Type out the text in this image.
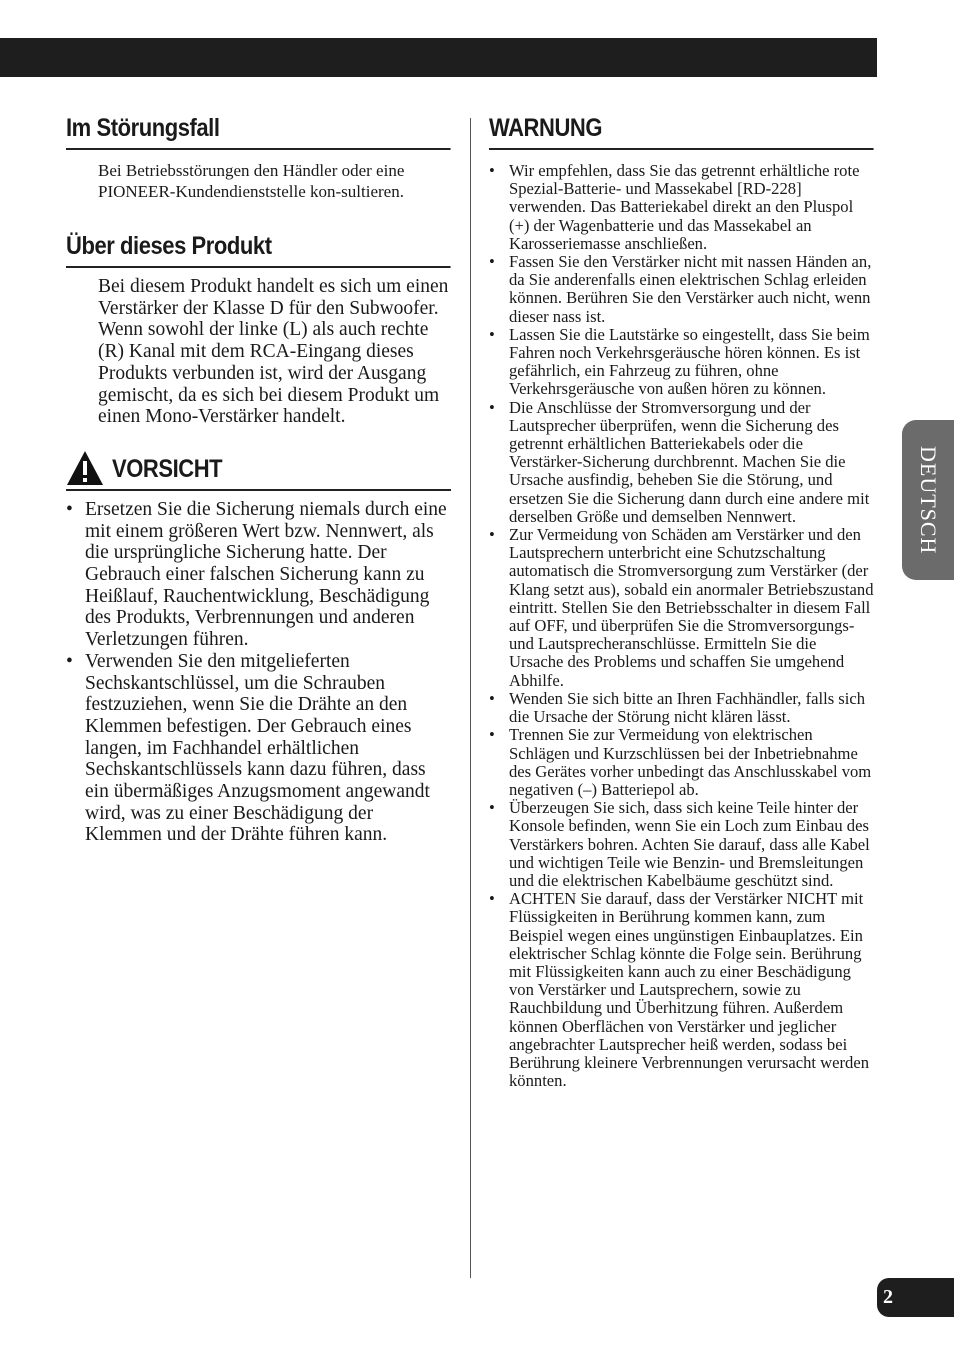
Im Störungsfall

Bei Betriebsstörungen den Händler oder eine PIONEER-Kundendienststelle kon-sultieren.

Über dieses Produkt

Bei diesem Produkt handelt es sich um einen Verstärker der Klasse D für den Subwoofer. Wenn sowohl der linke (L) als auch rechte (R) Kanal mit dem RCA-Eingang dieses Produkts verbunden ist, wird der Ausgang gemischt, da es sich bei diesem Produkt um einen Mono-Verstärker handelt.

VORSICHT
• Ersetzen Sie die Sicherung niemals durch eine mit einem größeren Wert bzw. Nennwert, als die ursprüngliche Sicherung hatte. Der Gebrauch einer falschen Sicherung kann zu Heißlauf, Rauchentwicklung, Beschädigung des Produkts, Verbrennungen und anderen Verletzungen führen.
• Verwenden Sie den mitgelieferten Sechskantschlüssel, um die Schrauben festzuziehen, wenn Sie die Drähte an den Klemmen befestigen. Der Gebrauch eines langen, im Fachhandel erhältlichen Sechskantschlüssels kann dazu führen, dass ein übermäßiges Anzugsmoment angewandt wird, was zu einer Beschädigung der Klemmen und der Drähte führen kann.
WARNUNG
• Wir empfehlen, dass Sie das getrennt erhältliche rote Spezial-Batterie- und Massekabel [RD-228] verwenden. Das Batteriekabel direkt an den Pluspol (+) der Wagenbatterie und das Massekabel an Karosseriemasse anschließen.
• Fassen Sie den Verstärker nicht mit nassen Händen an, da Sie anderenfalls einen elektrischen Schlag erleiden können. Berühren Sie den Verstärker auch nicht, wenn dieser nass ist.
• Lassen Sie die Lautstärke so eingestellt, dass Sie beim Fahren noch Verkehrsgeräusche hören können. Es ist gefährlich, ein Fahrzeug zu führen, ohne Verkehrsgeräusche von außen hören zu können.
• Die Anschlüsse der Stromversorgung und der Lautsprecher überprüfen, wenn die Sicherung des getrennt erhältlichen Batteriekabels oder die Verstärker-Sicherung durchbrennt. Machen Sie die Ursache ausfindig, beheben Sie die Störung, und ersetzen Sie die Sicherung dann durch eine andere mit derselben Größe und demselben Nennwert.
• Zur Vermeidung von Schäden am Verstärker und den Lautsprechern unterbricht eine Schutzschaltung automatisch die Stromversorgung zum Verstärker (der Klang setzt aus), sobald ein anormaler Betriebszustand eintritt. Stellen Sie den Betriebsschalter in diesem Fall auf OFF, und überprüfen Sie die Stromversorgungs- und Lautsprecheranschlüsse. Ermitteln Sie die Ursache des Problems und schaffen Sie umgehend Abhilfe.
• Wenden Sie sich bitte an Ihren Fachhändler, falls sich die Ursache der Störung nicht klären lässt.
• Trennen Sie zur Vermeidung von elektrischen Schlägen und Kurzschlüssen bei der Inbetriebnahme des Gerätes vorher unbedingt das Anschlusskabel vom negativen (–) Batteriepol ab.
• Überzeugen Sie sich, dass sich keine Teile hinter der Konsole befinden, wenn Sie ein Loch zum Einbau des Verstärkers bohren. Achten Sie darauf, dass alle Kabel und wichtigen Teile wie Benzin- und Bremsleitungen und die elektrischen Kabelbäume geschützt sind.
• ACHTEN Sie darauf, dass der Verstärker NICHT mit Flüssigkeiten in Berührung kommen kann, zum Beispiel wegen eines ungünstigen Einbauplatzes. Ein elektrischer Schlag könnte die Folge sein. Berührung mit Flüssigkeiten kann auch zu einer Beschädigung von Verstärker und Lautsprechern, sowie zu Rauchbildung und Überhitzung führen. Außerdem können Oberflächen von Verstärker und jeglicher angebrachter Lautsprecher heiß werden, sodass bei Berührung kleinere Verbrennungen verursacht werden könnten.
DEUTSCH
2
